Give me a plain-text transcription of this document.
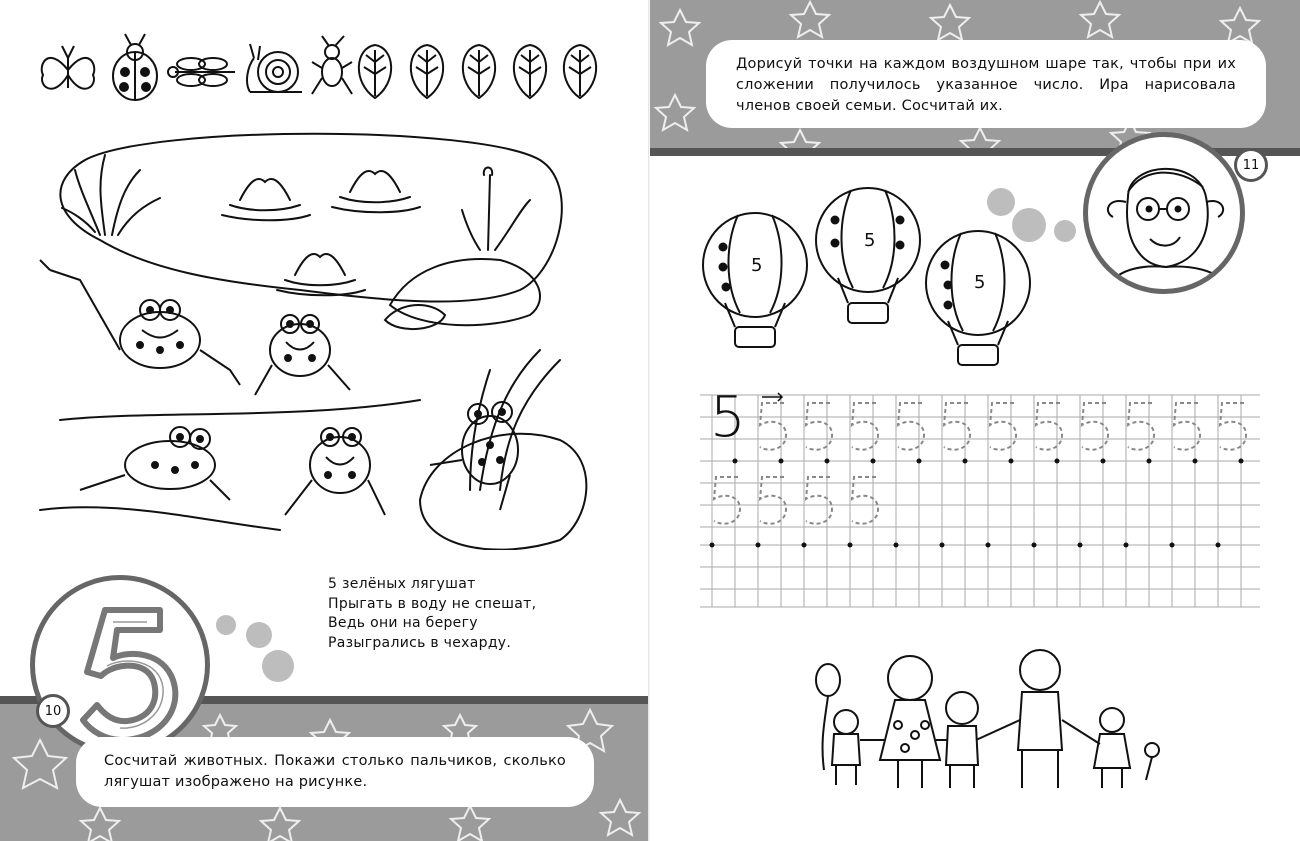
10
5 зелёных лягушат
Прыгать в воду не спешат,
Ведь они на берегу
Разыгрались в чехарду.
Сосчитай животных. Покажи столько пальчиков, сколько лягушат изображено на рисунке.
Дорисуй точки на каждом воздушном шаре так, чтобы при их сложении получилось указанное число. Ира нарисовала членов своей семьи. Сосчитай их.
11
5
5
5
5
